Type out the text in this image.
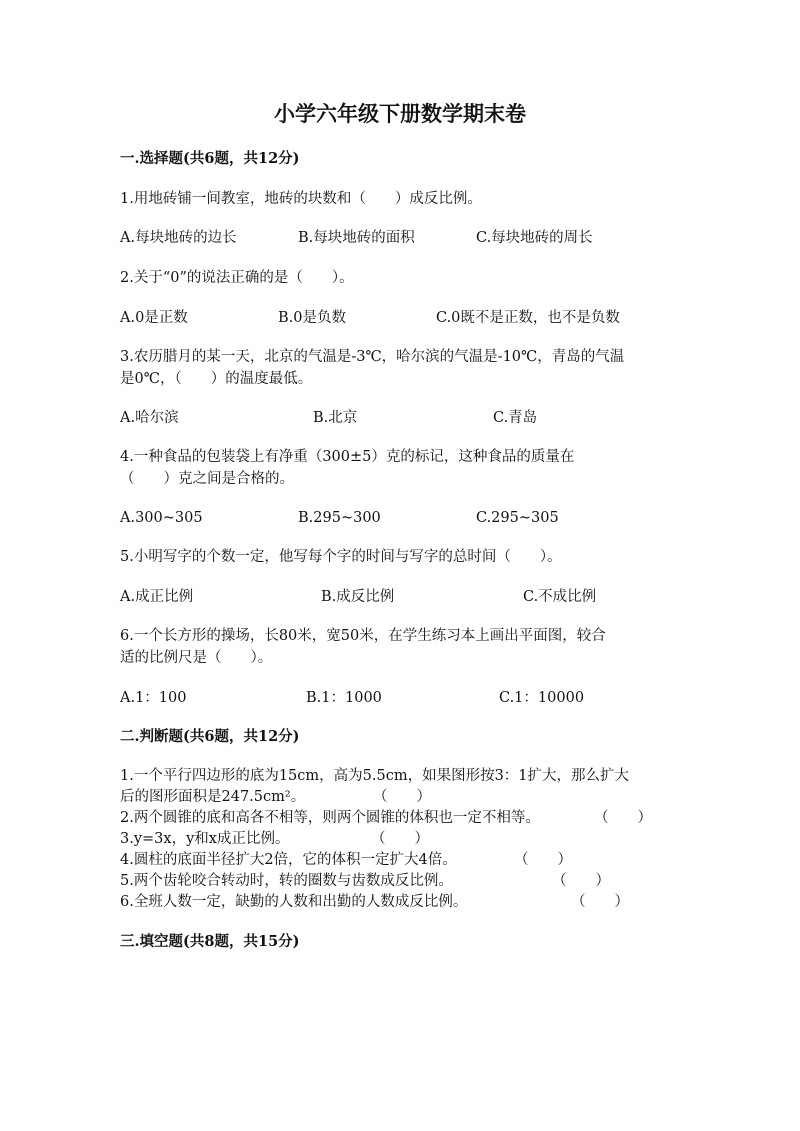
小学六年级下册数学期末卷
一.选择题(共6题，共12分)
1.用地砖铺一间教室，地砖的块数和（　　）成反比例。
A.每块地砖的边长	B.每块地砖的面积	C.每块地砖的周长
2.关于“0”的说法正确的是（　　）。
A.0是正数	B.0是负数	C.0既不是正数，也不是负数
3.农历腊月的某一天，北京的气温是-3℃，哈尔滨的气温是-10℃，青岛的气温
是0℃，（　　）的温度最低。
A.哈尔滨	B.北京	C.青岛
4.一种食品的包装袋上有净重（300±5）克的标记，这种食品的质量在
（　　）克之间是合格的。
A.300~305	B.295~300	C.295~305
5.小明写字的个数一定，他写每个字的时间与写字的总时间（　　）。
A.成正比例	B.成反比例	C.不成比例
6.一个长方形的操场，长80米，宽50米，在学生练习本上画出平面图，较合
适的比例尺是（　　）。
A.1：100	B.1：1000	C.1：10000
二.判断题(共6题，共12分)
1.一个平行四边形的底为15cm，高为5.5cm，如果图形按3：1扩大，那么扩大
后的图形面积是247.5cm²。	（　　）
2.两个圆锥的底和高各不相等，则两个圆锥的体积也一定不相等。	（　　）
3.y=3x，y和x成正比例。	（　　）
4.圆柱的底面半径扩大2倍，它的体积一定扩大4倍。	（　　）
5.两个齿轮咬合转动时，转的圈数与齿数成反比例。	（　　）
6.全班人数一定，缺勤的人数和出勤的人数成反比例。	（　　）
三.填空题(共8题，共15分)
